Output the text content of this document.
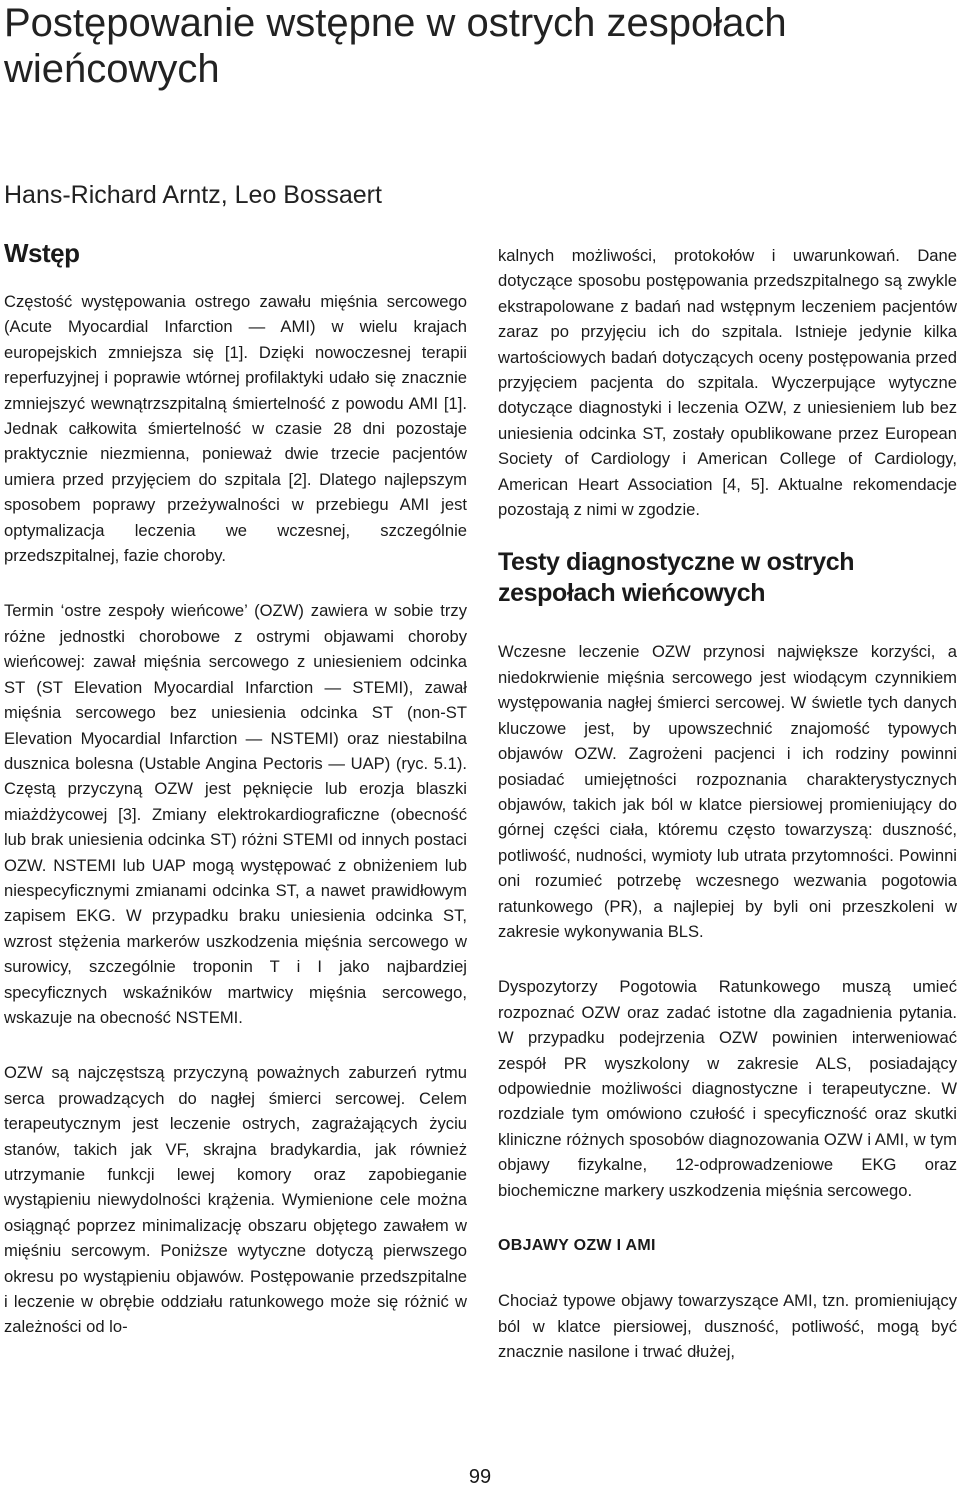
Postępowanie wstępne w ostrych zespołach wieńcowych
Hans-Richard Arntz, Leo Bossaert
Wstęp

Częstość występowania ostrego zawału mięśnia sercowego (Acute Myocardial Infarction — AMI) w wielu krajach europejskich zmniejsza się [1]. Dzięki nowoczesnej terapii reperfuzyjnej i poprawie wtórnej profilaktyki udało się znacznie zmniejszyć wewnątrzszpitalną śmiertelność z powodu AMI [1]. Jednak całkowita śmiertelność w czasie 28 dni pozostaje praktycznie niezmienna, ponieważ dwie trzecie pacjentów umiera przed przyjęciem do szpitala [2]. Dlatego najlepszym sposobem poprawy przeżywalności w przebiegu AMI jest optymalizacja leczenia we wczesnej, szczególnie przedszpitalnej, fazie choroby.

Termin ‘ostre zespoły wieńcowe’ (OZW) zawiera w sobie trzy różne jednostki chorobowe z ostrymi objawami choroby wieńcowej: zawał mięśnia sercowego z uniesieniem odcinka ST (ST Elevation Myocardial Infarction — STEMI), zawał mięśnia sercowego bez uniesienia odcinka ST (non-ST Elevation Myocardial Infarction — NSTEMI) oraz niestabilna dusznica bolesna (Ustable Angina Pectoris — UAP) (ryc. 5.1). Częstą przyczyną OZW jest pęknięcie lub erozja blaszki miażdżycowej [3]. Zmiany elektrokardiograficzne (obecność lub brak uniesienia odcinka ST) różni STEMI od innych postaci OZW. NSTEMI lub UAP mogą występować z obniżeniem lub niespecyficznymi zmianami odcinka ST, a nawet prawidłowym zapisem EKG. W przypadku braku uniesienia odcinka ST, wzrost stężenia markerów uszkodzenia mięśnia sercowego w surowicy, szczególnie troponin T i I jako najbardziej specyficznych wskaźników martwicy mięśnia sercowego, wskazuje na obecność NSTEMI.

OZW są najczęstszą przyczyną poważnych zaburzeń rytmu serca prowadzących do nagłej śmierci sercowej. Celem terapeutycznym jest leczenie ostrych, zagrażających życiu stanów, takich jak VF, skrajna bradykardia, jak również utrzymanie funkcji lewej komory oraz zapobieganie wystąpieniu niewydolności krążenia. Wymienione cele można osiągnąć poprzez minimalizację obszaru objętego zawałem w mięśniu sercowym. Poniższe wytyczne dotyczą pierwszego okresu po wystąpieniu objawów. Postępowanie przedszpitalne i leczenie w obrębie oddziału ratunkowego może się różnić w zależności od lo-

kalnych możliwości, protokołów i uwarunkowań. Dane dotyczące sposobu postępowania przedszpitalnego są zwykle ekstrapolowane z badań nad wstępnym leczeniem pacjentów zaraz po przyjęciu ich do szpitala. Istnieje jedynie kilka wartościowych badań dotyczących oceny postępowania przed przyjęciem pacjenta do szpitala. Wyczerpujące wytyczne dotyczące diagnostyki i leczenia OZW, z uniesieniem lub bez uniesienia odcinka ST, zostały opublikowane przez European Society of Cardiology i American College of Cardiology, American Heart Association [4, 5]. Aktualne rekomendacje pozostają z nimi w zgodzie.

Testy diagnostyczne w ostrych zespołach wieńcowych

Wczesne leczenie OZW przynosi największe korzyści, a niedokrwienie mięśnia sercowego jest wiodącym czynnikiem występowania nagłej śmierci sercowej. W świetle tych danych kluczowe jest, by upowszechnić znajomość typowych objawów OZW. Zagrożeni pacjenci i ich rodziny powinni posiadać umiejętności rozpoznania charakterystycznych objawów, takich jak ból w klatce piersiowej promieniujący do górnej części ciała, któremu często towarzyszą: duszność, potliwość, nudności, wymioty lub utrata przytomności. Powinni oni rozumieć potrzebę wczesnego wezwania pogotowia ratunkowego (PR), a najlepiej by byli oni przeszkoleni w zakresie wykonywania BLS.

Dyspozytorzy Pogotowia Ratunkowego muszą umieć rozpoznać OZW oraz zadać istotne dla zagadnienia pytania. W przypadku podejrzenia OZW powinien interweniować zespół PR wyszkolony w zakresie ALS, posiadający odpowiednie możliwości diagnostyczne i terapeutyczne. W rozdziale tym omówiono czułość i specyficzność oraz skutki kliniczne różnych sposobów diagnozowania OZW i AMI, w tym objawy fizykalne, 12-odprowadzeniowe EKG oraz biochemiczne markery uszkodzenia mięśnia sercowego.

OBJAWY OZW I AMI

Chociaż typowe objawy towarzyszące AMI, tzn. promieniujący ból w klatce piersiowej, duszność, potliwość, mogą być znacznie nasilone i trwać dłużej,

99
